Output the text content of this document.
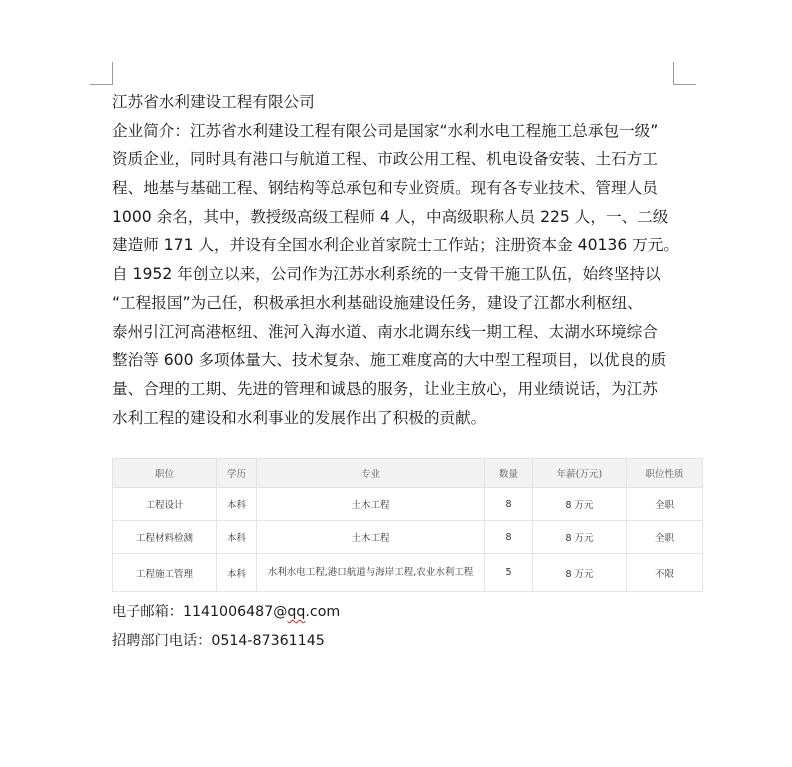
江苏省水利建设工程有限公司
企业简介：江苏省水利建设工程有限公司是国家“水利水电工程施工总承包一级”
资质企业，同时具有港口与航道工程、市政公用工程、机电设备安装、土石方工
程、地基与基础工程、钢结构等总承包和专业资质。现有各专业技术、管理人员
1000 余名，其中，教授级高级工程师 4 人，中高级职称人员 225 人，一、二级
建造师 171 人，并设有全国水利企业首家院士工作站；注册资本金 40136 万元。
自 1952 年创立以来，公司作为江苏水利系统的一支骨干施工队伍，始终坚持以
“工程报国”为己任，积极承担水利基础设施建设任务，建设了江都水利枢纽、
泰州引江河高港枢纽、淮河入海水道、南水北调东线一期工程、太湖水环境综合
整治等 600 多项体量大、技术复杂、施工难度高的大中型工程项目，以优良的质
量、合理的工期、先进的管理和诚恳的服务，让业主放心，用业绩说话，为江苏
水利工程的建设和水利事业的发展作出了积极的贡献。
职位	学历	专业	数量	年薪(万元)	职位性质
工程设计	本科	土木工程	8	8 万元	全职
工程材料检测	本科	土木工程	8	8 万元	全职
工程施工管理	本科	水利水电工程,港口航道与海岸工程,农业水利工程	5	8 万元	不限
电子邮箱：1141006487@qq.com
招聘部门电话：0514-87361145
